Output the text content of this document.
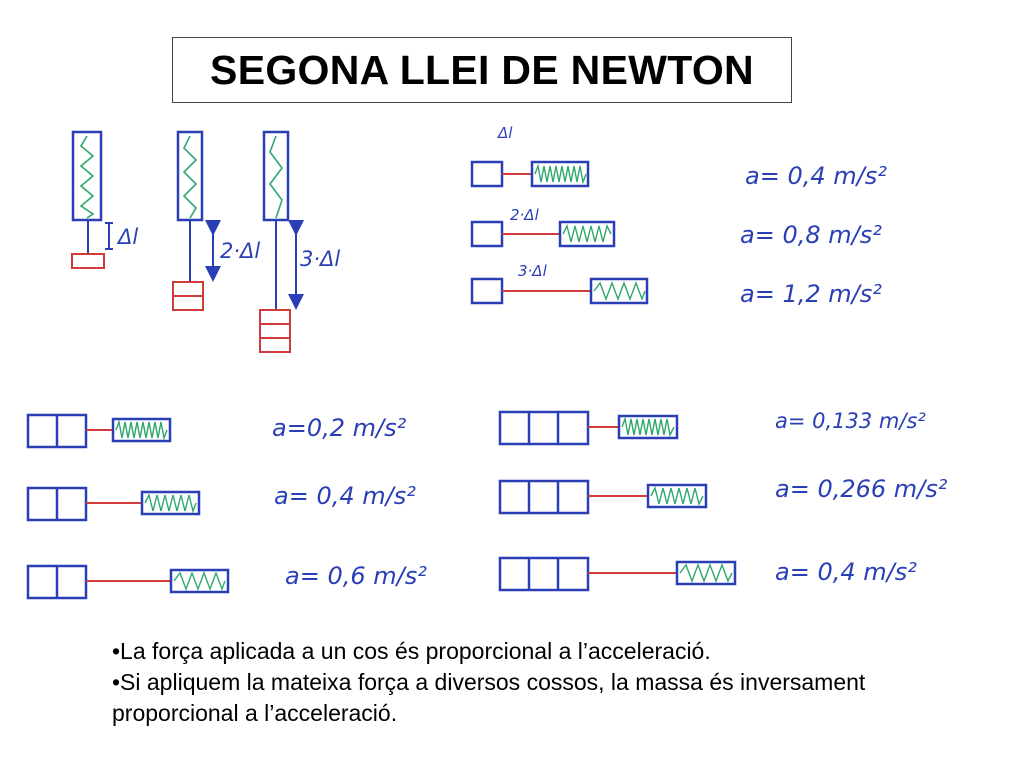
SEGONA LLEI DE NEWTON
Δl
2·Δl 3·Δl
Δl
a= 0,4 m/s²
2·Δl
a= 0,8 m/s²
3·Δl
a= 1,2 m/s²
a=0,2 m/s²
a= 0,4 m/s²
a= 0,6 m/s²
a= 0,133 m/s²
a= 0,266 m/s²
a= 0,4 m/s²

•La força aplicada a un cos és proporcional a l’acceleració.

•Si apliquem la mateixa força a diversos cossos, la massa és inversament proporcional a l’acceleració.
